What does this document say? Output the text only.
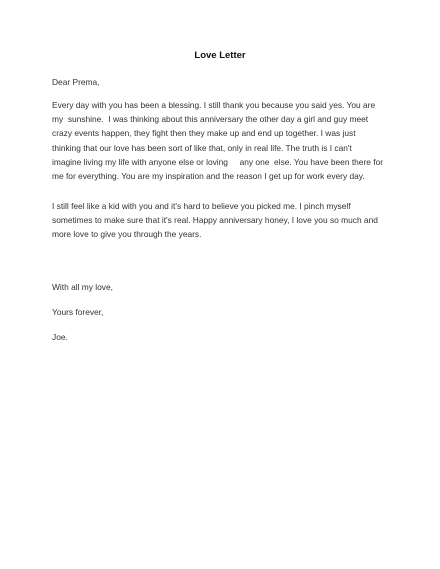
Love Letter
Dear Prema,
Every day with you has been a blessing. I still thank you because you said yes. You are
my  sunshine.  I was thinking about this anniversary the other day a girl and guy meet
crazy events happen, they fight then they make up and end up together. I was just
thinking that our love has been sort of like that, only in real life. The truth is I can't
imagine living my life with anyone else or loving     any one  else. You have been there for
me for everything. You are my inspiration and the reason I get up for work every day.
I still feel like a kid with you and it's hard to believe you picked me. I pinch myself
sometimes to make sure that it's real. Happy anniversary honey, I love you so much and
more love to give you through the years.
With all my love,
Yours forever,
Joe.
